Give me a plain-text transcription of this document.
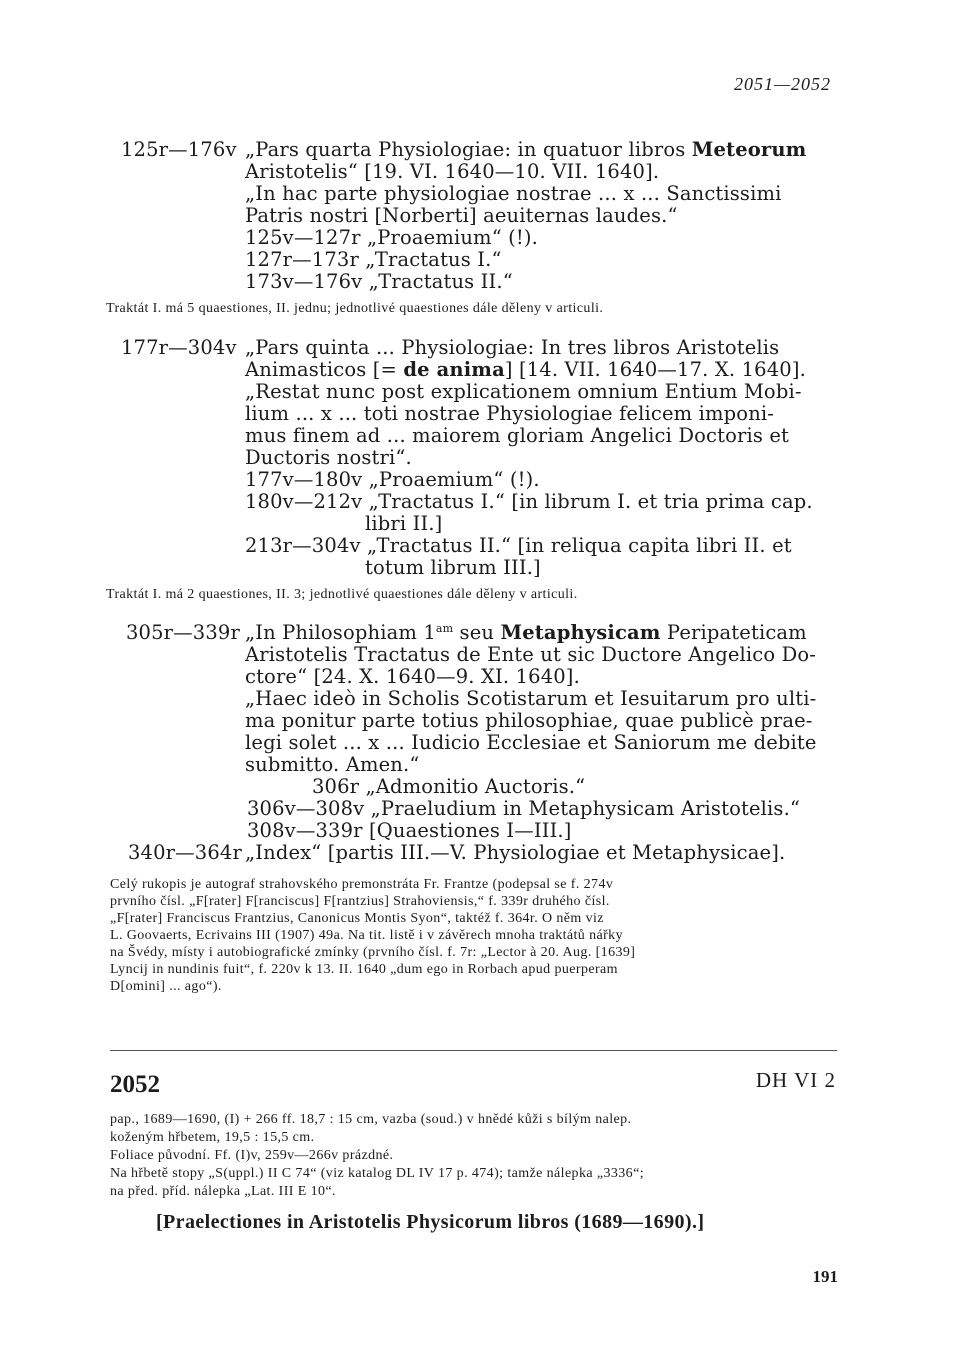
2051—2052
125r—176v „Pars quarta Physiologiae: in quatuor libros Meteorum
Aristotelis“ [19. VI. 1640—10. VII. 1640].
„In hac parte physiologiae nostrae ... x ... Sanctissimi
Patris nostri [Norberti] aeuiternas laudes.“
125v—127r „Proaemium“ (!).
127r—173r „Tractatus I.“
173v—176v „Tractatus II.“
Traktát I. má 5 quaestiones, II. jednu; jednotlivé quaestiones dále děleny v articuli.
177r—304v „Pars quinta ... Physiologiae: In tres libros Aristotelis
Animasticos [= de anima] [14. VII. 1640—17. X. 1640].
„Restat nunc post explicationem omnium Entium Mobi-
lium ... x ... toti nostrae Physiologiae felicem imponi-
mus finem ad ... maiorem gloriam Angelici Doctoris et
Ductoris nostri“.
177v—180v „Proaemium“ (!).
180v—212v „Tractatus I.“ [in librum I. et tria prima cap.
libri II.]
213r—304v „Tractatus II.“ [in reliqua capita libri II. et
totum librum III.]
Traktát I. má 2 quaestiones, II. 3; jednotlivé quaestiones dále děleny v articuli.
305r—339r „In Philosophiam $1^{am}$ seu Metaphysicam Peripateticam
Aristotelis Tractatus de Ente ut sic Ductore Angelico Do-
ctore“ [24. X. 1640—9. XI. 1640].
„Haec ideò in Scholis Scotistarum et Iesuitarum pro ulti-
ma ponitur parte totius philosophiae, quae publicè prae-
legi solet ... x ... Iudicio Ecclesiae et Saniorum me debite
submitto. Amen.“
306r „Admonitio Auctoris.“
306v—308v „Praeludium in Metaphysicam Aristotelis.“
308v—339r [Quaestiones I—III.]
340r—364r „Index“ [partis III.—V. Physiologiae et Metaphysicae].
Celý rukopis je autograf strahovského premonstráta Fr. Frantze (podepsal se f. 274v
prvního čísl. „F[rater] F[ranciscus] F[rantzius] Strahoviensis,“ f. 339r druhého čísl.
„F[rater] Franciscus Frantzius, Canonicus Montis Syon“, taktéž f. 364r. O něm viz
L. Goovaerts, Ecrivains III (1907) 49a. Na tit. listě i v závěrech mnoha traktátů nářky
na Švédy, místy i autobiografické zmínky (prvního čísl. f. 7r: „Lector à 20. Aug. [1639]
Lyncij in nundinis fuit“, f. 220v k 13. II. 1640 „dum ego in Rorbach apud puerperam
D[omini] ... ago“).
2052	DH VI 2
pap., 1689—1690, (I) + 266 ff. 18,7 : 15 cm, vazba (soud.) v hnědé kůži s bílým nalep.
koženým hřbetem, 19,5 : 15,5 cm.
Foliace původní. Ff. (I)v, 259v—266v prázdné.
Na hřbetě stopy „S(uppl.) II C 74“ (viz katalog DL IV 17 p. 474); tamže nálepka „3336“;
na před. příd. nálepka „Lat. III E 10“.
[Praelectiones in Aristotelis Physicorum libros (1689—1690).]
191
